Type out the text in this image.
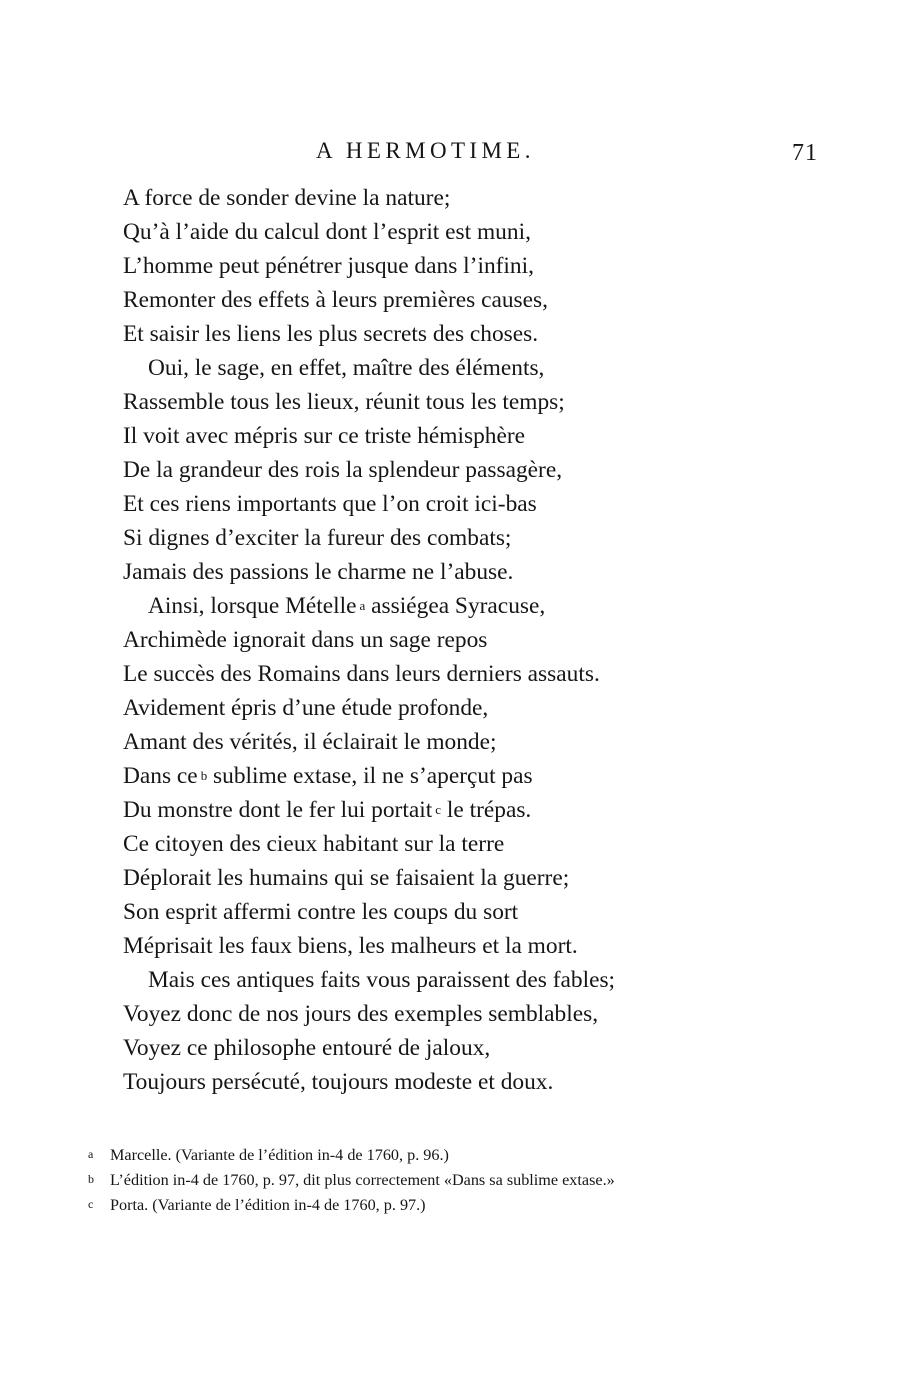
A HERMOTIME.	71
A force de sonder devine la nature;
Qu’à l’aide du calcul dont l’esprit est muni,
L’homme peut pénétrer jusque dans l’infini,
Remonter des effets à leurs premières causes,
Et saisir les liens les plus secrets des choses.
Oui, le sage, en effet, maître des éléments,
Rassemble tous les lieux, réunit tous les temps;
Il voit avec mépris sur ce triste hémisphère
De la grandeur des rois la splendeur passagère,
Et ces riens importants que l’on croit ici-bas
Si dignes d’exciter la fureur des combats;
Jamais des passions le charme ne l’abuse.
Ainsi, lorsque Mételle $^a$ assiégea Syracuse,
Archimède ignorait dans un sage repos
Le succès des Romains dans leurs derniers assauts.
Avidement épris d’une étude profonde,
Amant des vérités, il éclairait le monde;
Dans ce $^b$ sublime extase, il ne s’aperçut pas
Du monstre dont le fer lui portait $^c$ le trépas.
Ce citoyen des cieux habitant sur la terre
Déplorait les humains qui se faisaient la guerre;
Son esprit affermi contre les coups du sort
Méprisait les faux biens, les malheurs et la mort.
Mais ces antiques faits vous paraissent des fables;
Voyez donc de nos jours des exemples semblables,
Voyez ce philosophe entouré de jaloux,
Toujours persécuté, toujours modeste et doux.
a Marcelle. (Variante de l’édition in-4 de 1760, p. 96.)
b L’édition in-4 de 1760, p. 97, dit plus correctement «Dans sa sublime extase.»
c Porta. (Variante de l’édition in-4 de 1760, p. 97.)
